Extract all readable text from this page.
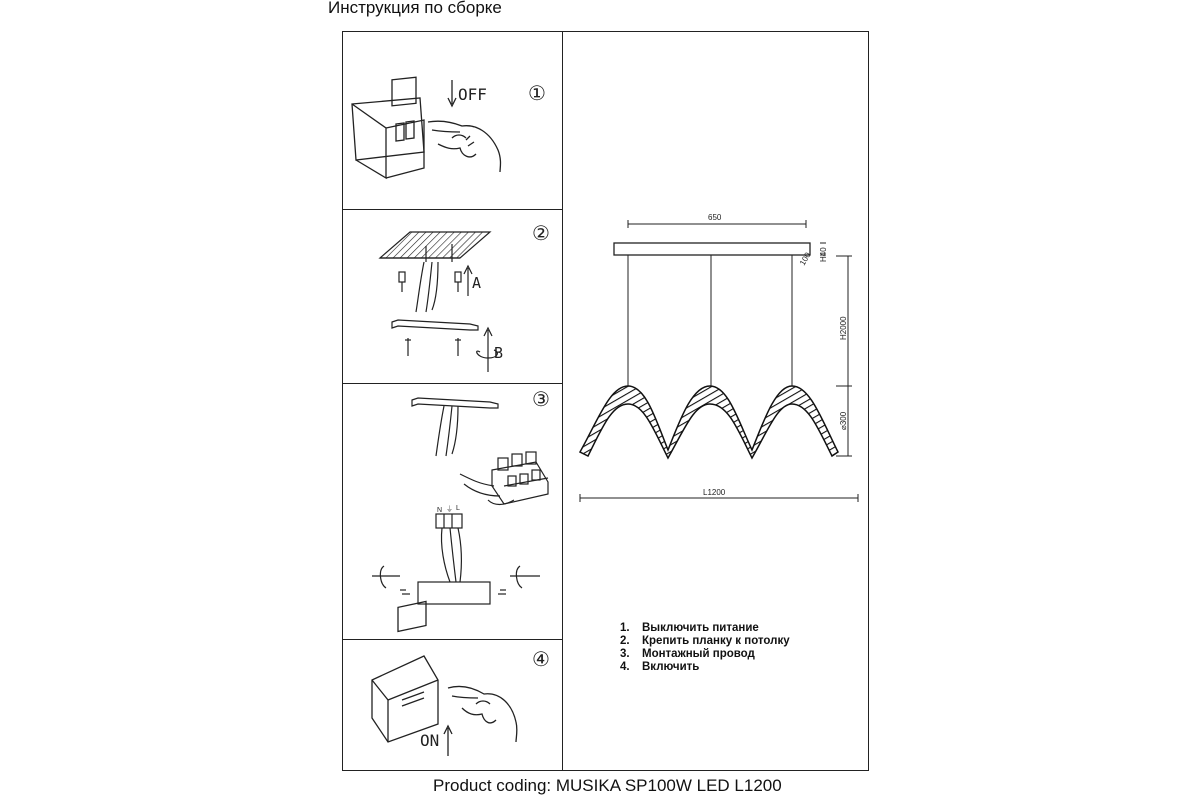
Инструкция по сборке
OFF ①
A
B
②
N ⏚ L
③
ON
④
650
H40
100
H2000
⌀300
L1200
1.	Выключить питание
2.	Крепить планку к потолку
3.	Монтажный провод
4.	Включить
Product coding: MUSIKA SP100W LED L1200
